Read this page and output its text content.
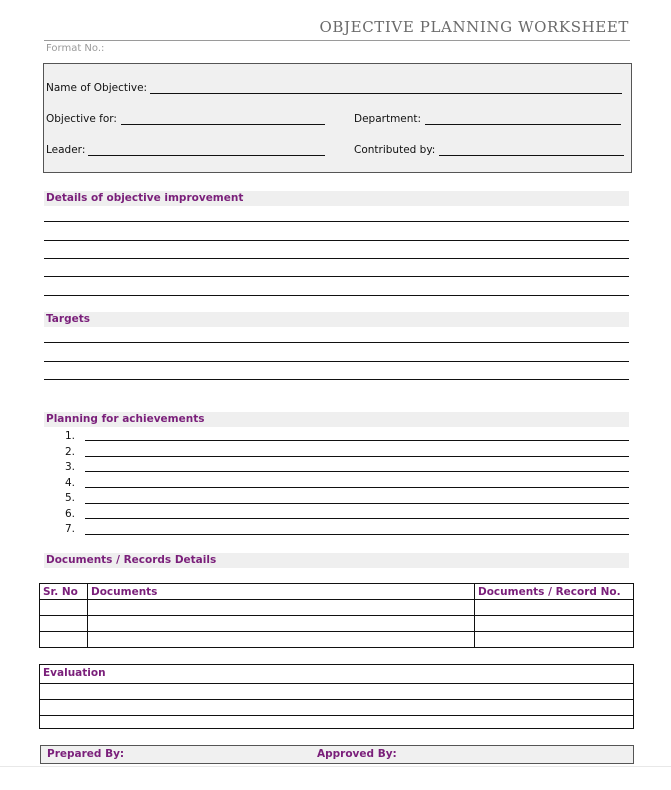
OBJECTIVE PLANNING WORKSHEET
Format No.:
Name of Objective:
Objective for:	Department:
Leader:	Contributed by:
Details of objective improvement
Targets
Planning for achievements
1.
2.
3.
4.
5.
6.
7.
Documents / Records Details
Sr. No	Documents	Documents / Record No.

Evaluation
Prepared By:	Approved By:
